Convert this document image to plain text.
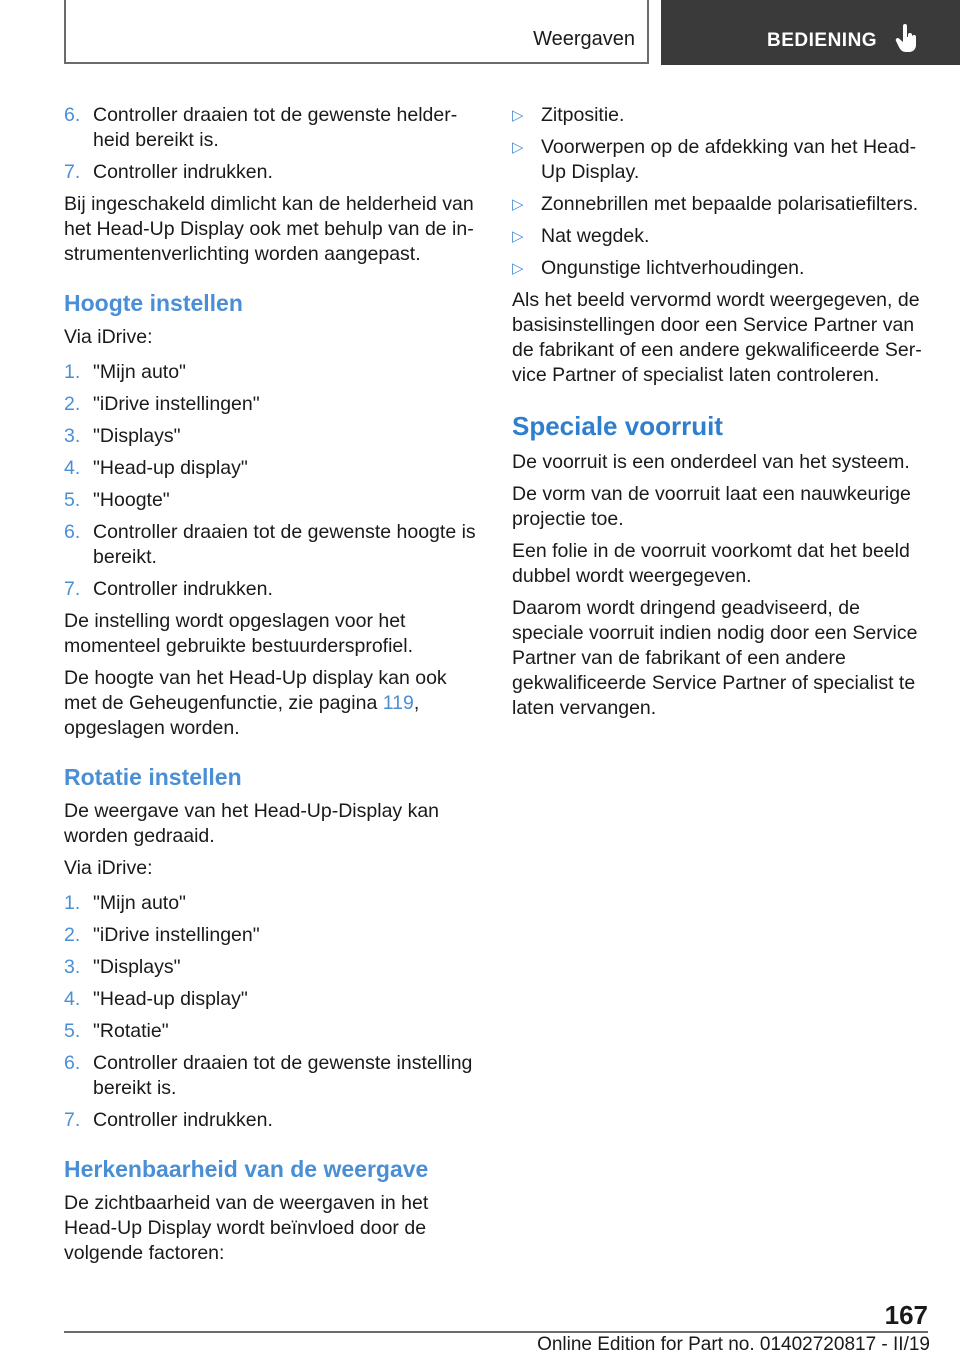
Weergaven	BEDIENING
6. Controller draaien tot de gewenste helderheid bereikt is.
7. Controller indrukken.

Bij ingeschakeld dimlicht kan de helderheid van het Head-Up Display ook met behulp van de instrumentenverlichting worden aangepast.

Hoogte instellen

Via iDrive:

1. "Mijn auto"
2. "iDrive instellingen"
3. "Displays"
4. "Head-up display"
5. "Hoogte"
6. Controller draaien tot de gewenste hoogte is bereikt.
7. Controller indrukken.

De instelling wordt opgeslagen voor het momenteel gebruikte bestuurdersprofiel.

De hoogte van het Head-Up display kan ook met de Geheugenfunctie, zie pagina 119, opgeslagen worden.

Rotatie instellen

De weergave van het Head-Up-Display kan worden gedraaid.

Via iDrive:

1. "Mijn auto"
2. "iDrive instellingen"
3. "Displays"
4. "Head-up display"
5. "Rotatie"
6. Controller draaien tot de gewenste instelling bereikt is.
7. Controller indrukken.
Herkenbaarheid van de weergave

De zichtbaarheid van de weergaven in het Head-Up Display wordt beïnvloed door de volgende factoren:

▷ Zitpositie.
▷ Voorwerpen op de afdekking van het Head-Up Display.
▷ Zonnebrillen met bepaalde polarisatiefilters.
▷ Nat wegdek.
▷ Ongunstige lichtverhoudingen.

Als het beeld vervormd wordt weergegeven, de basisinstellingen door een Service Partner van de fabrikant of een andere gekwalificeerde Service Partner of specialist laten controleren.

Speciale voorruit

De voorruit is een onderdeel van het systeem.

De vorm van de voorruit laat een nauwkeurige projectie toe.

Een folie in de voorruit voorkomt dat het beeld dubbel wordt weergegeven.

Daarom wordt dringend geadviseerd, de speciale voorruit indien nodig door een Service Partner van de fabrikant of een andere gekwalificeerde Service Partner of specialist te laten vervangen.

167
Online Edition for Part no. 01402720817 - II/19
